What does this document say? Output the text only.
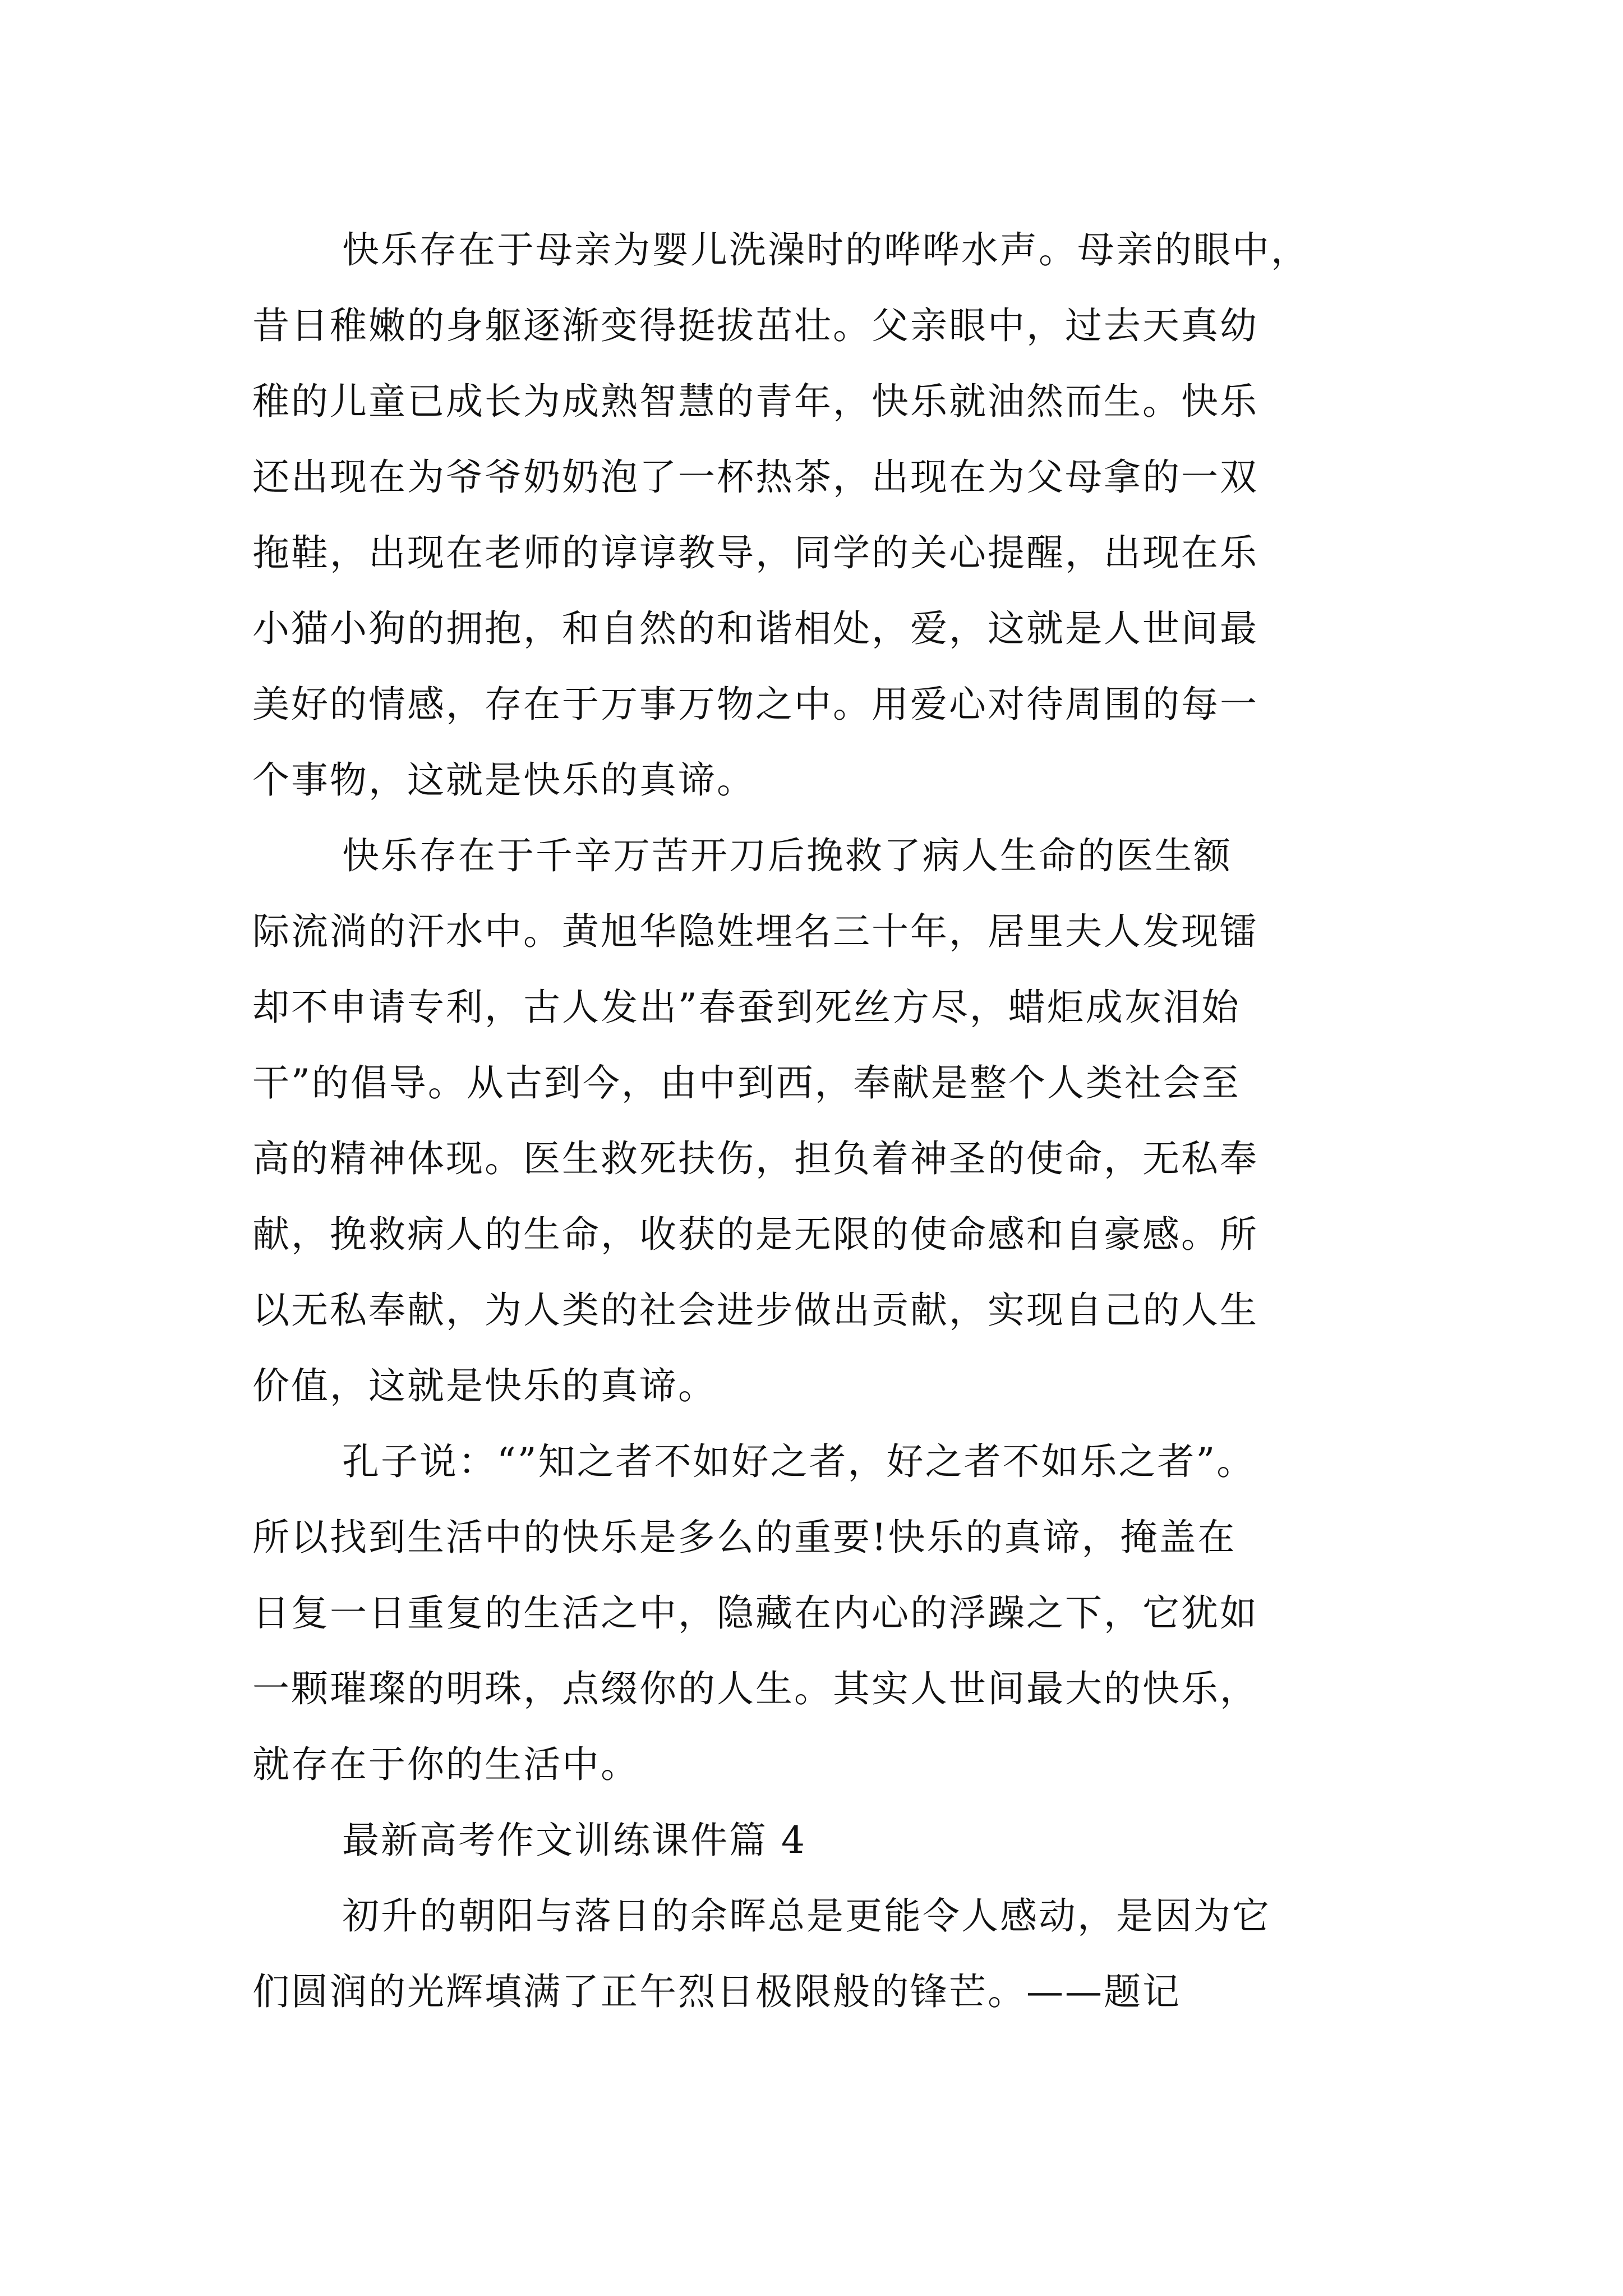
快乐存在于母亲为婴儿洗澡时的哗哗水声。母亲的眼中，
昔日稚嫩的身躯逐渐变得挺拔茁壮。父亲眼中，过去天真幼
稚的儿童已成长为成熟智慧的青年，快乐就油然而生。快乐
还出现在为爷爷奶奶泡了一杯热茶，出现在为父母拿的一双
拖鞋，出现在老师的谆谆教导，同学的关心提醒，出现在乐
小猫小狗的拥抱，和自然的和谐相处，爱，这就是人世间最
美好的情感，存在于万事万物之中。用爱心对待周围的每一
个事物，这就是快乐的真谛。
快乐存在于千辛万苦开刀后挽救了病人生命的医生额
际流淌的汗水中。黄旭华隐姓埋名三十年，居里夫人发现镭
却不申请专利，古人发出”春蚕到死丝方尽，蜡炬成灰泪始
干”的倡导。从古到今，由中到西，奉献是整个人类社会至
高的精神体现。医生救死扶伤，担负着神圣的使命，无私奉
献，挽救病人的生命，收获的是无限的使命感和自豪感。所
以无私奉献，为人类的社会进步做出贡献，实现自己的人生
价值，这就是快乐的真谛。
孔子说：“”知之者不如好之者，好之者不如乐之者”。
所以找到生活中的快乐是多么的重要!快乐的真谛，掩盖在
日复一日重复的生活之中，隐藏在内心的浮躁之下，它犹如
一颗璀璨的明珠，点缀你的人生。其实人世间最大的快乐，
就存在于你的生活中。
最新高考作文训练课件篇 4
初升的朝阳与落日的余晖总是更能令人感动，是因为它
们圆润的光辉填满了正午烈日极限般的锋芒。——题记
